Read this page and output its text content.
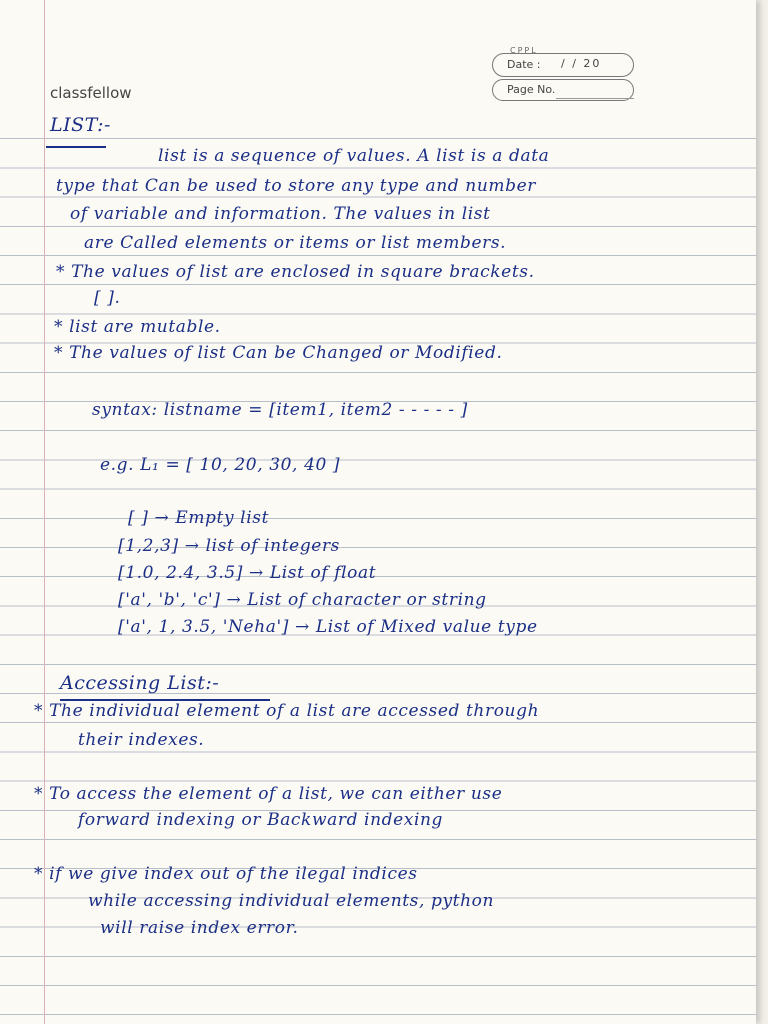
classfellow
CPPL
Date : / / 20
Page No.
LIST:-
list is a sequence of values. A list is a data
type that Can be used to store any type and number
of variable and information. The values in list
are Called elements or items or list members.
* The values of list are enclosed in square brackets.
[ ].
* list are mutable.
* The values of list Can be Changed or Modified.
syntax: listname = [item1, item2 - - - - - ]
e.g. L₁ = [ 10, 20, 30, 40 ]
[ ] → Empty list
[1,2,3] → list of integers
[1.0, 2.4, 3.5] → List of float
['a', 'b', 'c'] → List of character or string
['a', 1, 3.5, 'Neha'] → List of Mixed value type
Accessing List:-
* The individual element of a list are accessed through
their indexes.
* To access the element of a list, we can either use
forward indexing or Backward indexing
* if we give index out of the ilegal indices
while accessing individual elements, python
will raise index error.
